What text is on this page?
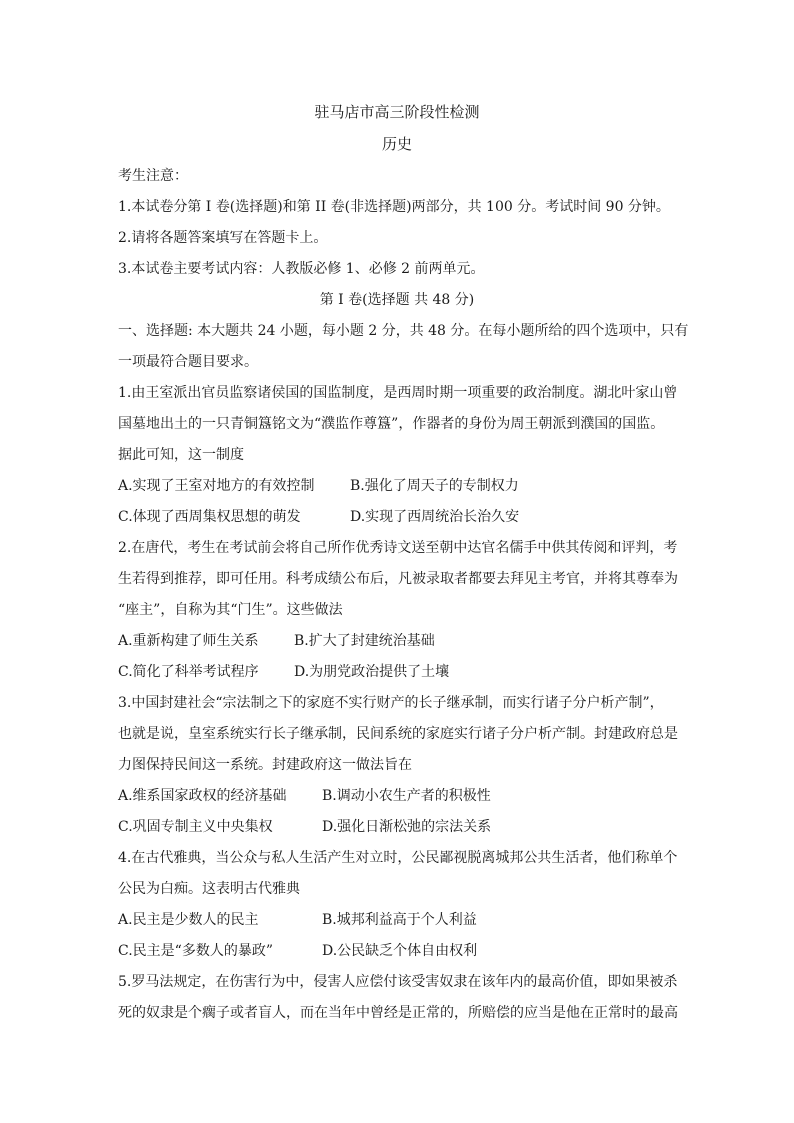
驻马店市高三阶段性检测
历史
考生注意：
1.本试卷分第 I 卷(选择题)和第 II 卷(非选择题)两部分，共 100 分。考试时间 90 分钟。
2.请将各题答案填写在答题卡上。
3.本试卷主要考试内容：人教版必修 1、必修 2 前两单元。
第 I 卷(选择题 共 48 分)
一、选择题: 本大题共 24 小题，每小题 2 分，共 48 分。在每小题所给的四个选项中，只有
一项最符合题目要求。
1.由王室派出官员监察诸侯国的国监制度，是西周时期一项重要的政治制度。湖北叶家山曾
国墓地出土的一只青铜簋铭文为“濮监作尊簋”，作器者的身份为周王朝派到濮国的国监。
据此可知，这一制度
A.实现了王室对地方的有效控制	B.强化了周天子的专制权力
C.体现了西周集权思想的萌发	D.实现了西周统治长治久安
2.在唐代，考生在考试前会将自己所作优秀诗文送至朝中达官名儒手中供其传阅和评判，考
生若得到推荐，即可任用。科考成绩公布后，凡被录取者都要去拜见主考官，并将其尊奉为
“座主”，自称为其“门生”。这些做法
A.重新构建了师生关系	B.扩大了封建统治基础
C.简化了科举考试程序	D.为朋党政治提供了土壤
3.中国封建社会“宗法制之下的家庭不实行财产的长子继承制，而实行诸子分户析产制”，
也就是说，皇室系统实行长子继承制，民间系统的家庭实行诸子分户析产制。封建政府总是
力图保持民间这一系统。封建政府这一做法旨在
A.维系国家政权的经济基础	B.调动小农生产者的积极性
C.巩固专制主义中央集权	D.强化日渐松弛的宗法关系
4.在古代雅典，当公众与私人生活产生对立时，公民鄙视脱离城邦公共生活者，他们称单个
公民为白痴。这表明古代雅典
A.民主是少数人的民主	B.城邦利益高于个人利益
C.民主是“多数人的暴政”	D.公民缺乏个体自由权利
5.罗马法规定，在伤害行为中，侵害人应偿付该受害奴隶在该年内的最高价值，即如果被杀
死的奴隶是个瘸子或者盲人，而在当年中曾经是正常的，所赔偿的应当是他在正常时的最高
